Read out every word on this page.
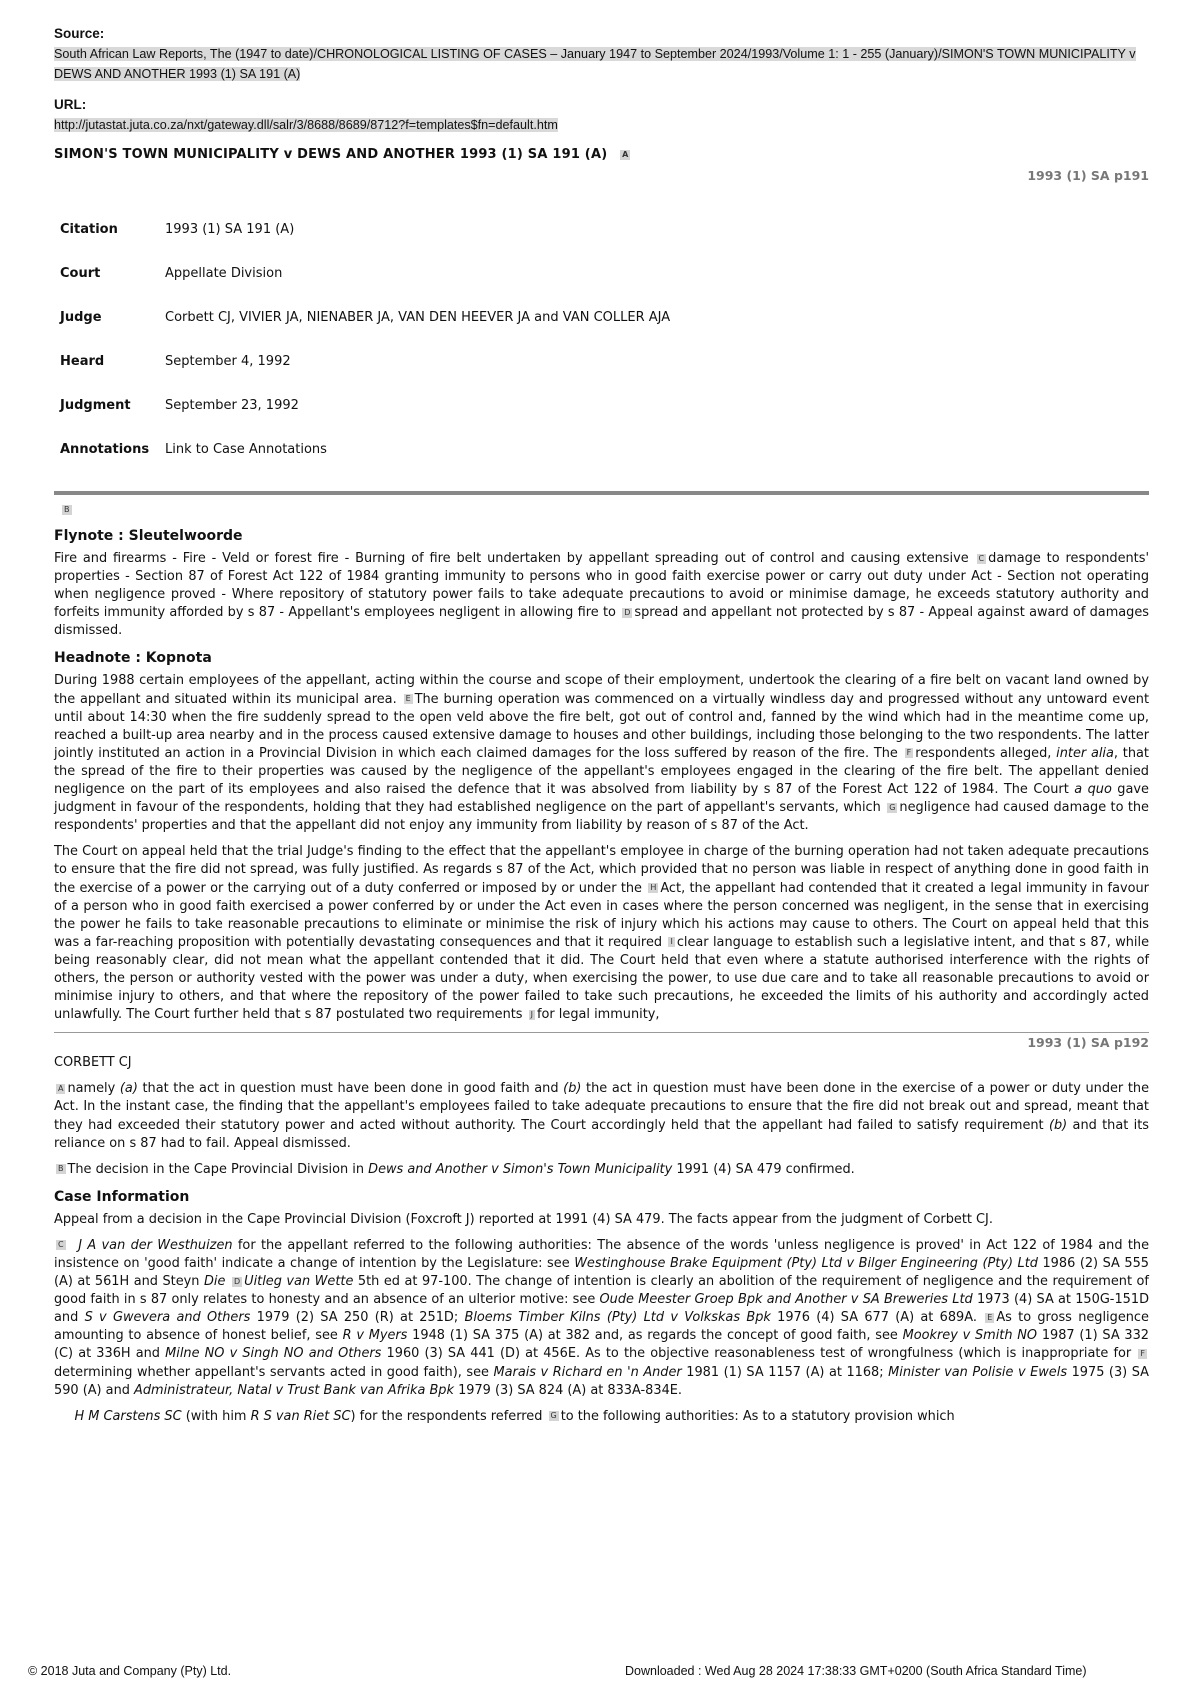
Source:
South African Law Reports, The (1947 to date)/CHRONOLOGICAL LISTING OF CASES – January 1947 to September 2024/1993/Volume 1: 1 - 255 (January)/SIMON'S TOWN MUNICIPALITY v DEWS AND ANOTHER 1993 (1) SA 191 (A)
URL:
http://jutastat.juta.co.za/nxt/gateway.dll/salr/3/8688/8689/8712?f=templates$fn=default.htm
SIMON'S TOWN MUNICIPALITY v DEWS AND ANOTHER 1993 (1) SA 191 (A) A
1993 (1) SA p191
Citation	1993 (1) SA 191 (A)
Court	Appellate Division
Judge	Corbett CJ, VIVIER JA, NIENABER JA, VAN DEN HEEVER JA and VAN COLLER AJA
Heard	September 4, 1992
Judgment	September 23, 1992
Annotations	Link to Case Annotations
B
Flynote : Sleutelwoorde

Fire and firearms - Fire - Veld or forest fire - Burning of fire belt undertaken by appellant spreading out of control and causing extensive C damage to respondents' properties - Section 87 of Forest Act 122 of 1984 granting immunity to persons who in good faith exercise power or carry out duty under Act - Section not operating when negligence proved - Where repository of statutory power fails to take adequate precautions to avoid or minimise damage, he exceeds statutory authority and forfeits immunity afforded by s 87 - Appellant's employees negligent in allowing fire to D spread and appellant not protected by s 87 - Appeal against award of damages dismissed.

Headnote : Kopnota

During 1988 certain employees of the appellant, acting within the course and scope of their employment, undertook the clearing of a fire belt on vacant land owned by the appellant and situated within its municipal area. E The burning operation was commenced on a virtually windless day and progressed without any untoward event until about 14:30 when the fire suddenly spread to the open veld above the fire belt, got out of control and, fanned by the wind which had in the meantime come up, reached a built-up area nearby and in the process caused extensive damage to houses and other buildings, including those belonging to the two respondents. The latter jointly instituted an action in a Provincial Division in which each claimed damages for the loss suffered by reason of the fire. The F respondents alleged, inter alia, that the spread of the fire to their properties was caused by the negligence of the appellant's employees engaged in the clearing of the fire belt. The appellant denied negligence on the part of its employees and also raised the defence that it was absolved from liability by s 87 of the Forest Act 122 of 1984. The Court a quo gave judgment in favour of the respondents, holding that they had established negligence on the part of appellant's servants, which G negligence had caused damage to the respondents' properties and that the appellant did not enjoy any immunity from liability by reason of s 87 of the Act.

The Court on appeal held that the trial Judge's finding to the effect that the appellant's employee in charge of the burning operation had not taken adequate precautions to ensure that the fire did not spread, was fully justified. As regards s 87 of the Act, which provided that no person was liable in respect of anything done in good faith in the exercise of a power or the carrying out of a duty conferred or imposed by or under the H Act, the appellant had contended that it created a legal immunity in favour of a person who in good faith exercised a power conferred by or under the Act even in cases where the person concerned was negligent, in the sense that in exercising the power he fails to take reasonable precautions to eliminate or minimise the risk of injury which his actions may cause to others. The Court on appeal held that this was a far-reaching proposition with potentially devastating consequences and that it required I clear language to establish such a legislative intent, and that s 87, while being reasonably clear, did not mean what the appellant contended that it did. The Court held that even where a statute authorised interference with the rights of others, the person or authority vested with the power was under a duty, when exercising the power, to use due care and to take all reasonable precautions to avoid or minimise injury to others, and that where the repository of the power failed to take such precautions, he exceeded the limits of his authority and accordingly acted unlawfully. The Court further held that s 87 postulated two requirements J for legal immunity,

1993 (1) SA p192

CORBETT CJ

A namely (a) that the act in question must have been done in good faith and (b) the act in question must have been done in the exercise of a power or duty under the Act. In the instant case, the finding that the appellant's employees failed to take adequate precautions to ensure that the fire did not break out and spread, meant that they had exceeded their statutory power and acted without authority. The Court accordingly held that the appellant had failed to satisfy requirement (b) and that its reliance on s 87 had to fail. Appeal dismissed.

B The decision in the Cape Provincial Division in Dews and Another v Simon's Town Municipality 1991 (4) SA 479 confirmed.

Case Information

Appeal from a decision in the Cape Provincial Division (Foxcroft J) reported at 1991 (4) SA 479. The facts appear from the judgment of Corbett CJ.

C J A van der Westhuizen for the appellant referred to the following authorities: The absence of the words 'unless negligence is proved' in Act 122 of 1984 and the insistence on 'good faith' indicate a change of intention by the Legislature: see Westinghouse Brake Equipment (Pty) Ltd v Bilger Engineering (Pty) Ltd 1986 (2) SA 555 (A) at 561H and Steyn Die D Uitleg van Wette 5th ed at 97-100. The change of intention is clearly an abolition of the requirement of negligence and the requirement of good faith in s 87 only relates to honesty and an absence of an ulterior motive: see Oude Meester Groep Bpk and Another v SA Breweries Ltd 1973 (4) SA at 150G-151D and S v Gwevera and Others 1979 (2) SA 250 (R) at 251D; Bloems Timber Kilns (Pty) Ltd v Volkskas Bpk 1976 (4) SA 677 (A) at 689A. E As to gross negligence amounting to absence of honest belief, see R v Myers 1948 (1) SA 375 (A) at 382 and, as regards the concept of good faith, see Mookrey v Smith NO 1987 (1) SA 332 (C) at 336H and Milne NO v Singh NO and Others 1960 (3) SA 441 (D) at 456E. As to the objective reasonableness test of wrongfulness (which is inappropriate for Fdetermining whether appellant's servants acted in good faith), see Marais v Richard en 'n Ander 1981 (1) SA 1157 (A) at 1168; Minister van Polisie v Ewels 1975 (3) SA 590 (A) and Administrateur, Natal v Trust Bank van Afrika Bpk 1979 (3) SA 824 (A) at 833A-834E.

H M Carstens SC (with him R S van Riet SC) for the respondents referred G to the following authorities: As to a statutory provision which

© 2018 Juta and Company (Pty) Ltd.	Downloaded : Wed Aug 28 2024 17:38:33 GMT+0200 (South Africa Standard Time)
